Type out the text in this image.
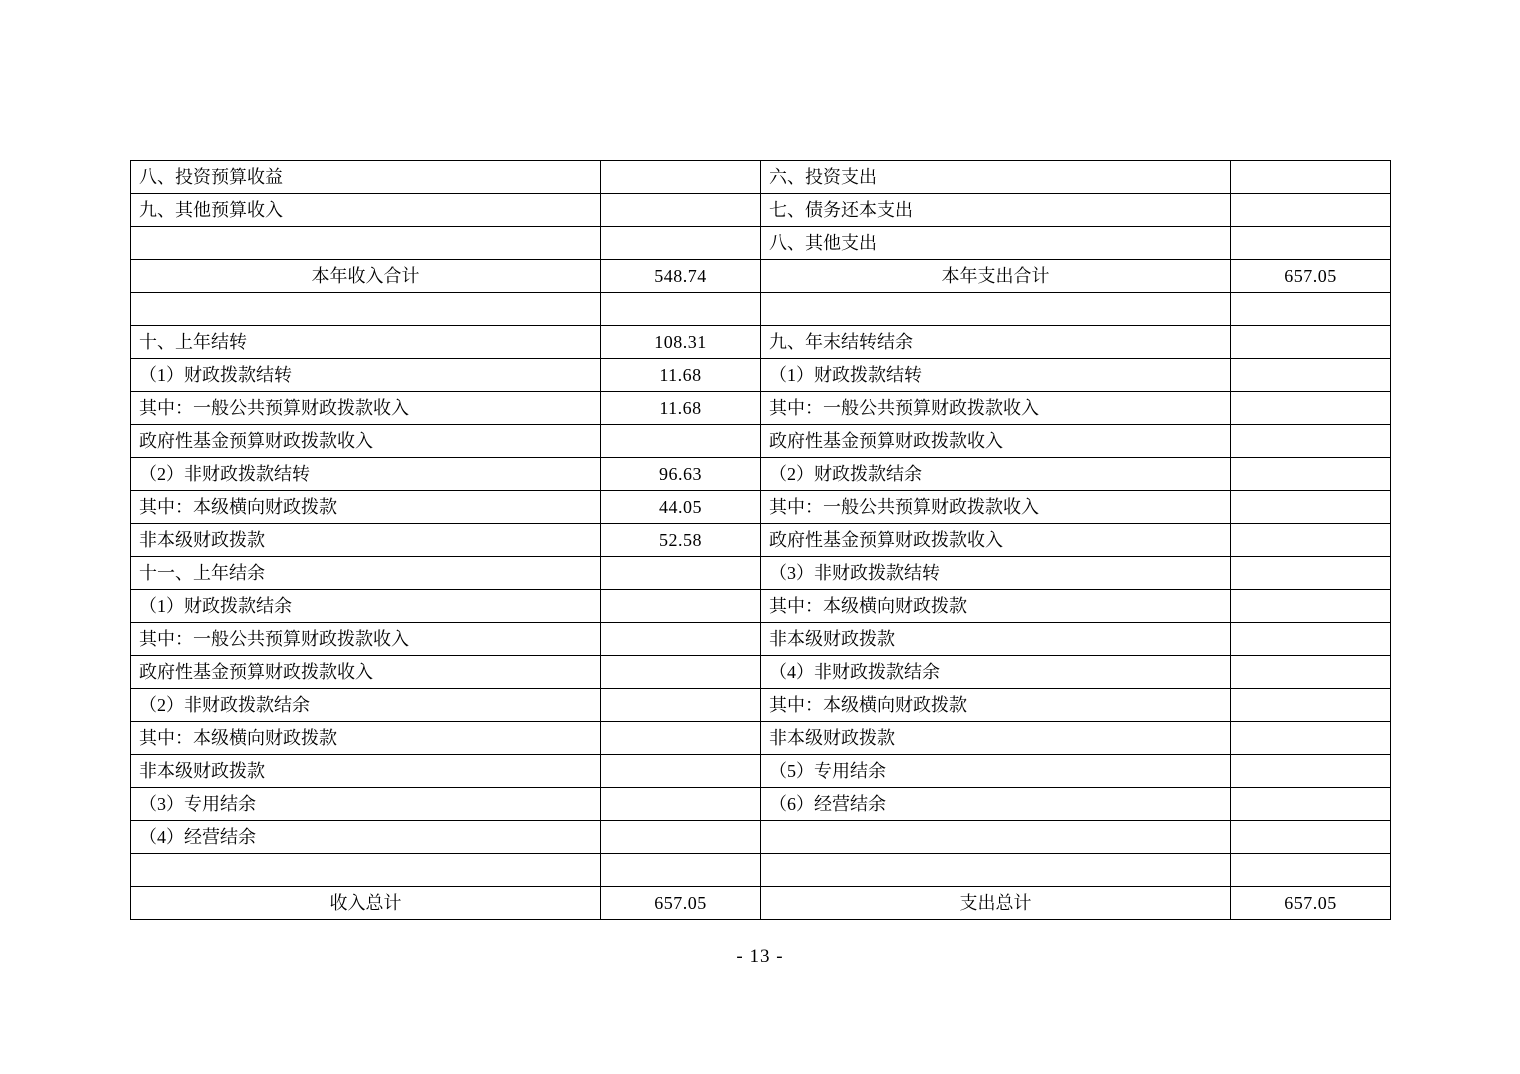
八、投资预算收益		六、投资支出	
九、其他预算收入		七、债务还本支出	
		八、其他支出	
本年收入合计	548.74	本年支出合计	657.05

十、上年结转	108.31	九、年末结转结余	
（1）财政拨款结转	11.68	（1）财政拨款结转	
其中：一般公共预算财政拨款收入	11.68	其中：一般公共预算财政拨款收入	
政府性基金预算财政拨款收入		政府性基金预算财政拨款收入	
（2）非财政拨款结转	96.63	（2）财政拨款结余	
其中：本级横向财政拨款	44.05	其中：一般公共预算财政拨款收入	
非本级财政拨款	52.58	政府性基金预算财政拨款收入	
十一、上年结余		（3）非财政拨款结转	
（1）财政拨款结余		其中：本级横向财政拨款	
其中：一般公共预算财政拨款收入		非本级财政拨款	
政府性基金预算财政拨款收入		（4）非财政拨款结余	
（2）非财政拨款结余		其中：本级横向财政拨款	
其中：本级横向财政拨款		非本级财政拨款	
非本级财政拨款		（5）专用结余	
（3）专用结余		（6）经营结余	
（4）经营结余			

收入总计	657.05	支出总计	657.05
- 13 -
